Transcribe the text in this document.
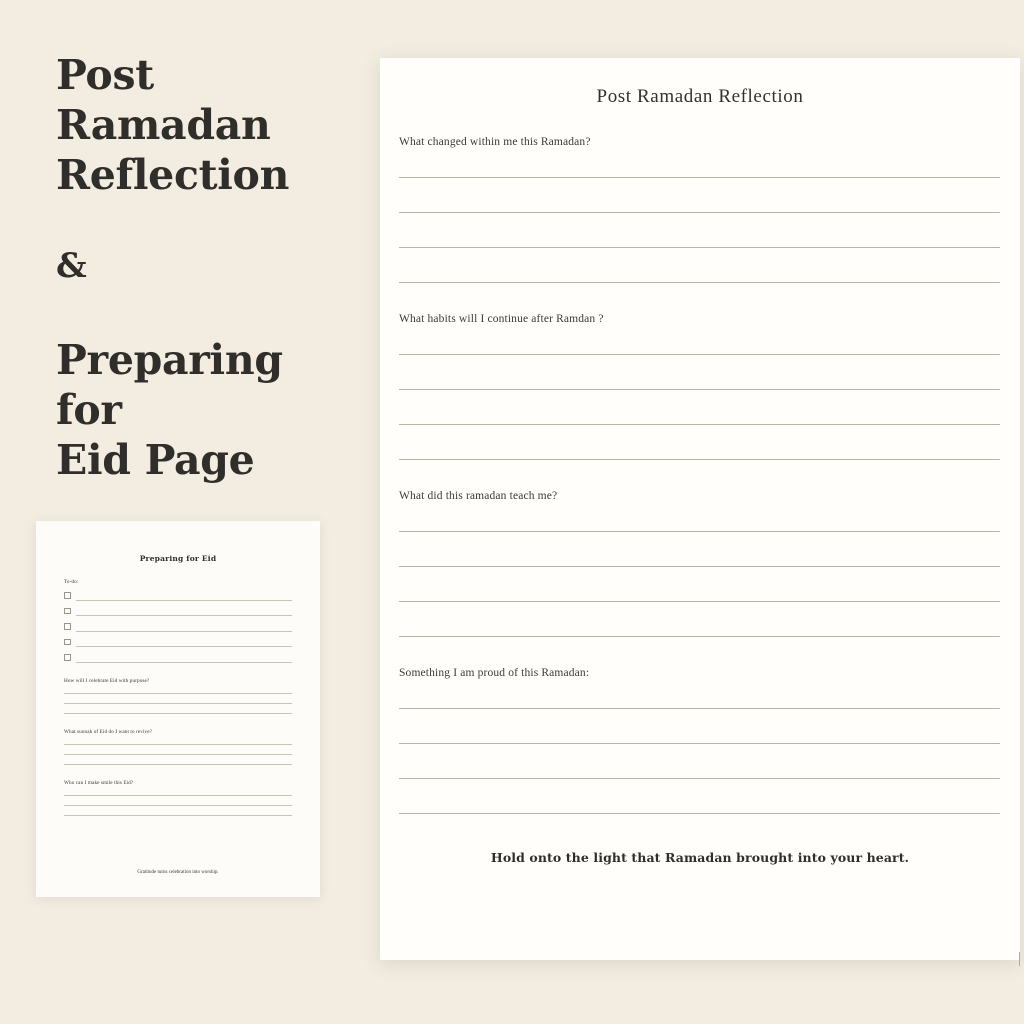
Post Ramadan
Reflection
&
Preparing for
Eid Page
Preparing for Eid
To-do:
How will I celebrate Eid with purpose?
What sunnah of Eid do I want to revive?
Who can I make smile this Eid?
Gratitude turns celebration into worship.
Post Ramadan Reflection
What changed within me this Ramadan?
What habits will I continue after Ramdan ?
What did this ramadan teach me?
Something I am proud of this Ramadan:
Hold onto the light that Ramadan brought into your heart.
